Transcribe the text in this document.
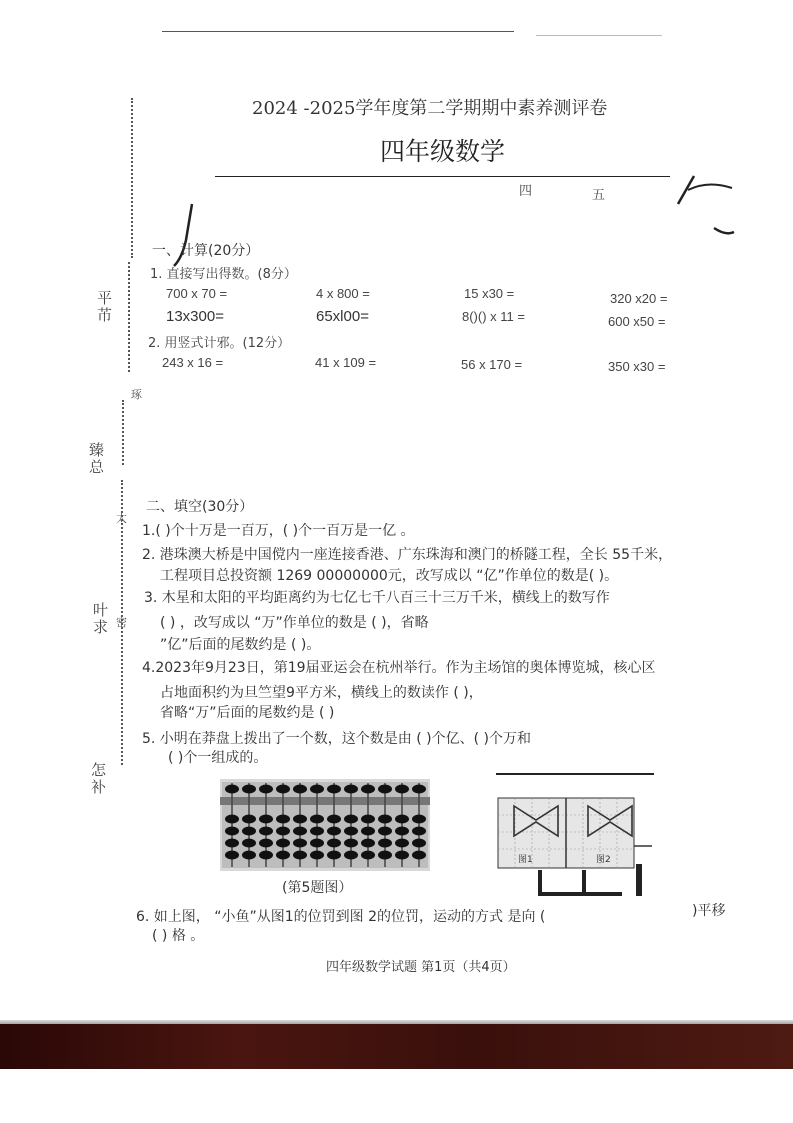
2024 -2025学年度第二学期期中素养测评卷
四年级数学
四	五
平芇
臻总
叶求
怎补
琢
太
密
一、计算(20分）
1. 直接写出得数。(8分）
700 x 70 =	4 x 800 =	15 x30 =	320 x20 =
13x300=	65xl00=	8()() x 11 =	600 x50 =
2. 用竖式计邪。(12分）
243 x 16 =	41 x 109 =	56 x 170 =	350 x30 =
二、填空(30分）
1.( )个十万是一百万，( )个一百万是一亿 。
2. 港珠澳大桥是中国傥内一座连接香港、广东珠海和澳门的桥隧工程，全长 55千米，
工程项目总投资额 1269 00000000元，改写成以 “亿”作单位的数是( )。
3. 木星和太阳的平均距离约为七亿七千八百三十三万千米，横线上的数写作
( ) ，改写成以 “万”作单位的数是 ( )，省略
”亿”后面的尾数约是 ( )。
4.2023年9月23日，第19届亚运会在杭州举行。作为主场馆的奥体博览城，核心区
占地面积约为旦竺望9平方米，横线上的数读作 ( )，
省略“万”后面的尾数约是 ( )
5. 小明在莽盘上拨出了一个数，这个数是由 ( )个亿、( )个万和
( )个一组成的。
(第5题图）
图1	图2
6. 如上图， “小鱼”从图1的位罚到图 2的位罚，运动的方式 是向 (	)平移
( ) 格 。
四年级数学试题 第1页（共4页）
